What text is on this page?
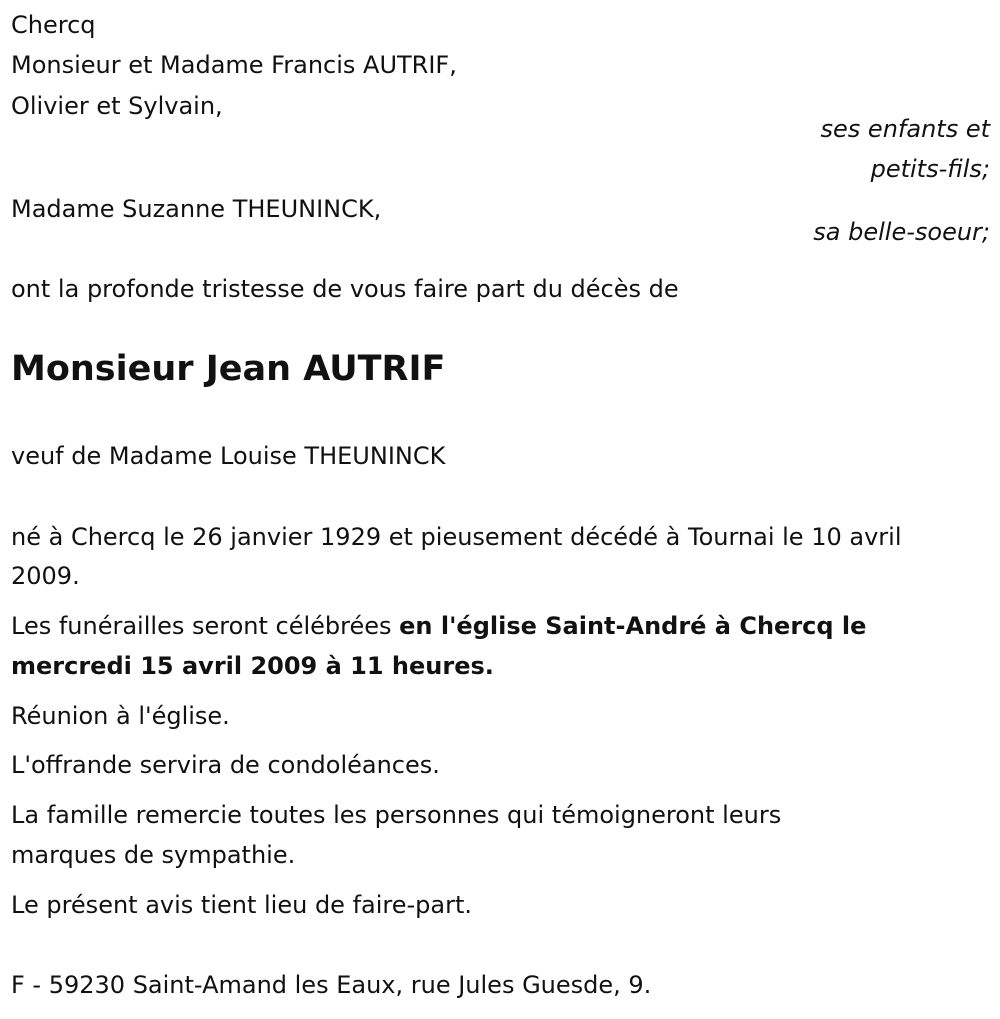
Chercq
Monsieur et Madame Francis AUTRIF,
Olivier et Sylvain,
ses enfants et
petits-fils;
Madame Suzanne THEUNINCK,
sa belle-soeur;
ont la profonde tristesse de vous faire part du décès de
Monsieur Jean AUTRIF
veuf de Madame Louise THEUNINCK
né à Chercq le 26 janvier 1929 et pieusement décédé à Tournai le 10 avril
2009.
Les funérailles seront célébrées en l'église Saint-André à Chercq le
mercredi 15 avril 2009 à 11 heures.
Réunion à l'église.
L'offrande servira de condoléances.
La famille remercie toutes les personnes qui témoigneront leurs
marques de sympathie.
Le présent avis tient lieu de faire-part.
F - 59230 Saint-Amand les Eaux, rue Jules Guesde, 9.
